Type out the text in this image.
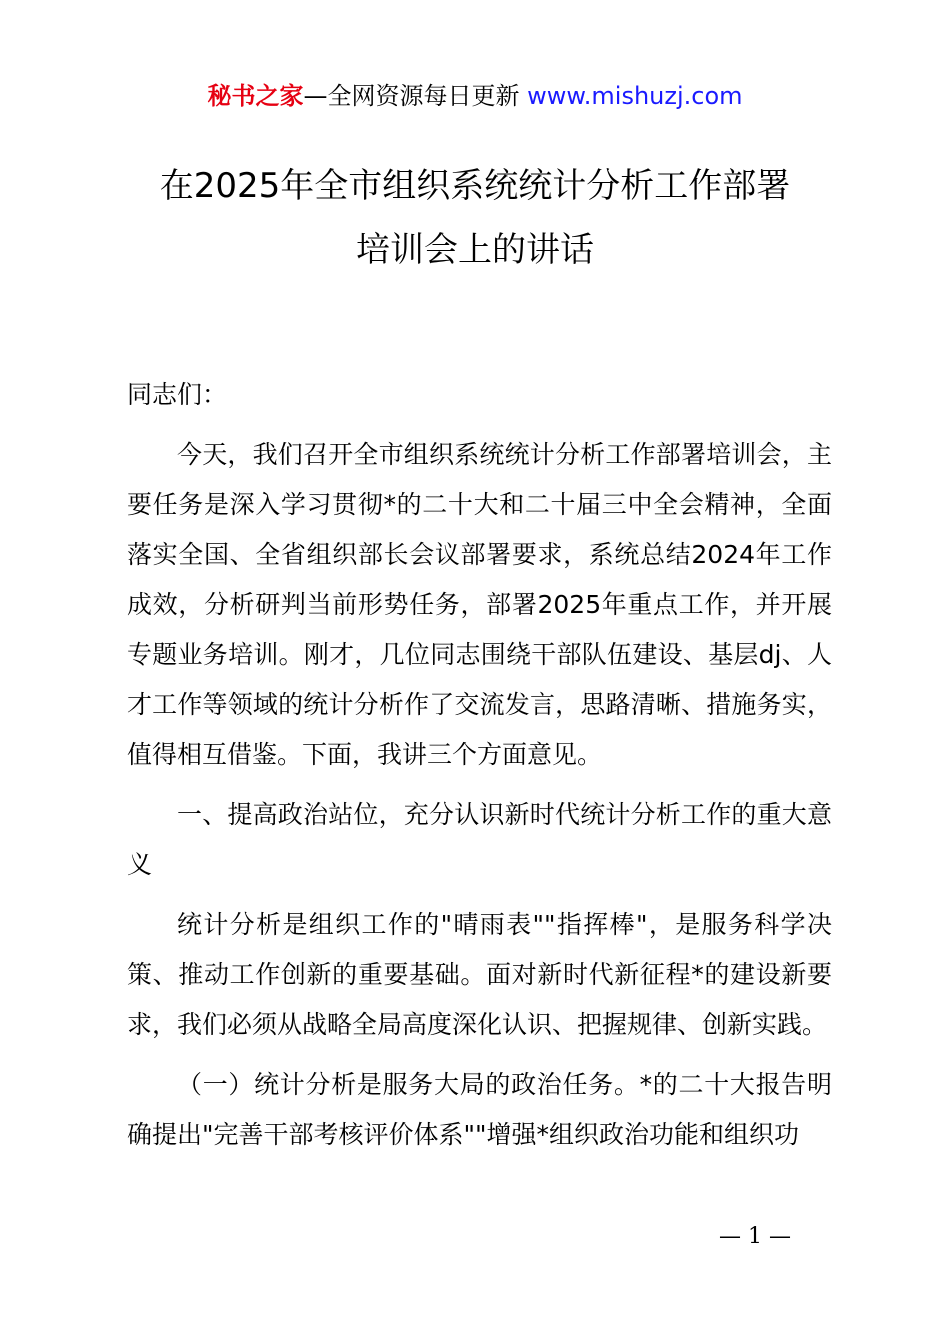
秘书之家—全网资源每日更新 www.mishuzj.com
在2025年全市组织系统统计分析工作部署
培训会上的讲话

同志们：

今天，我们召开全市组织系统统计分析工作部署培训会，主要任务是深入学习贯彻*的二十大和二十届三中全会精神，全面落实全国、全省组织部长会议部署要求，系统总结2024年工作成效，分析研判当前形势任务，部署2025年重点工作，并开展专题业务培训。刚才，几位同志围绕干部队伍建设、基层dj、人才工作等领域的统计分析作了交流发言，思路清晰、措施务实，值得相互借鉴。下面，我讲三个方面意见。

一、提高政治站位，充分认识新时代统计分析工作的重大意义

统计分析是组织工作的"晴雨表""指挥棒"，是服务科学决策、推动工作创新的重要基础。面对新时代新征程*的建设新要求，我们必须从战略全局高度深化认识、把握规律、创新实践。

（一）统计分析是服务大局的政治任务。*的二十大报告明确提出"完善干部考核评价体系""增强*组织政治功能和组织功

— 1 —
